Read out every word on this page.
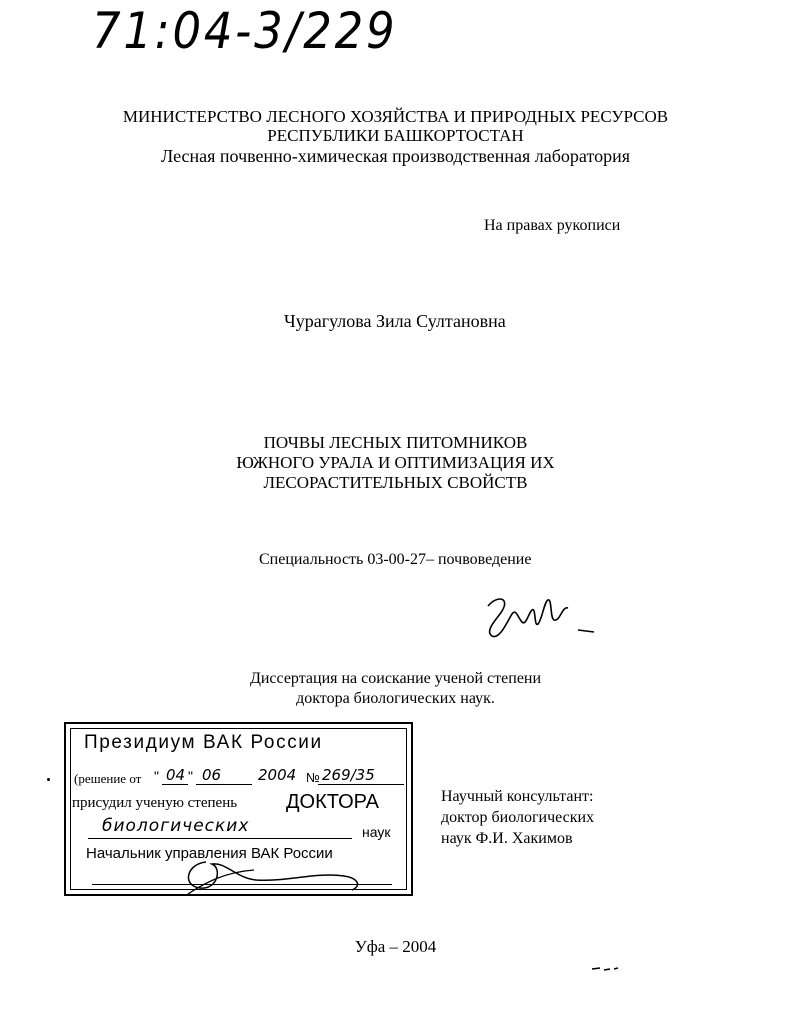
71:04-3/229
МИНИСТЕРСТВО ЛЕСНОГО ХОЗЯЙСТВА И ПРИРОДНЫХ РЕСУРСОВ
РЕСПУБЛИКИ БАШКОРТОСТАН
Лесная почвенно-химическая производственная лаборатория
На правах рукописи
Чурагулова Зила Султановна
ПОЧВЫ ЛЕСНЫХ ПИТОМНИКОВ
ЮЖНОГО УРАЛА И ОПТИМИЗАЦИЯ ИХ
ЛЕСОРАСТИТЕЛЬНЫХ СВОЙСТВ
Специальность 03-00-27– почвоведение
Диссертация на соискание ученой степени
доктора биологических наук.
Президиум ВАК России
(решение от " 04 " 06 2004 № 269/35
присудил ученую степень ДОКТОРА
биологических	наук
Начальник управления ВАК России
Научный консультант:
доктор биологических
наук Ф.И. Хакимов
Уфа – 2004
